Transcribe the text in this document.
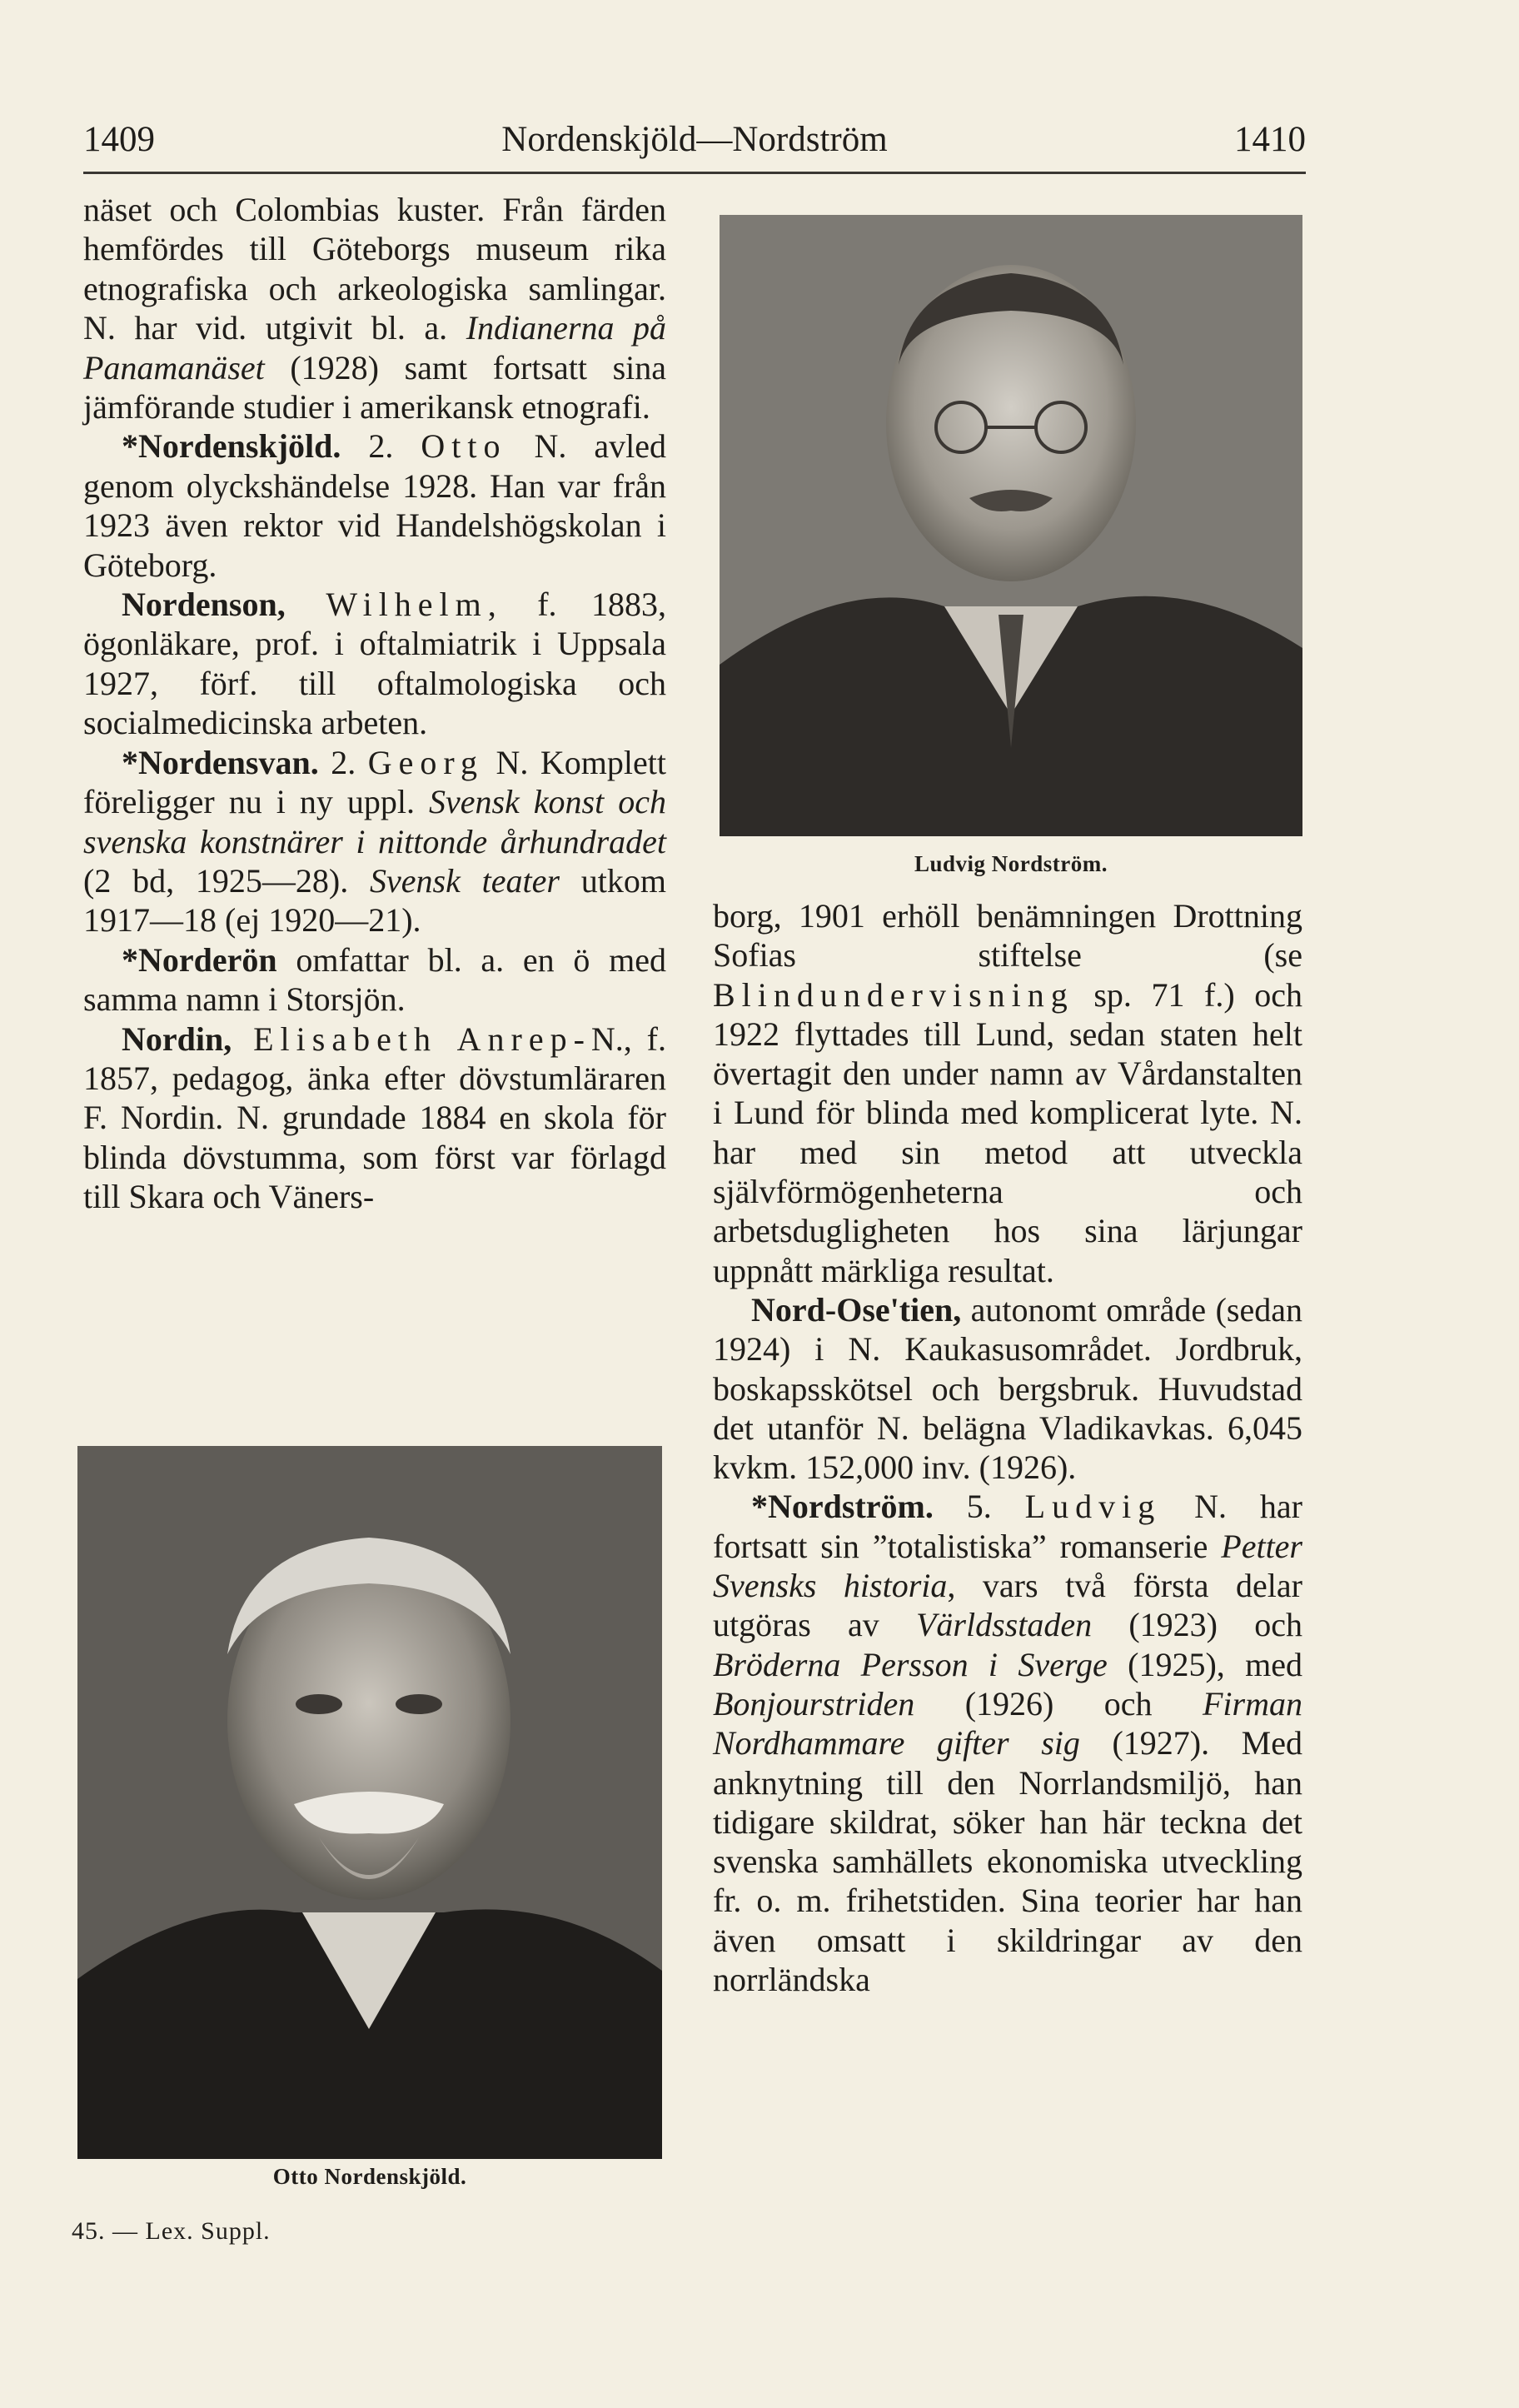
1409	Nordenskjöld—Nordström	1410

näset och Colombias kuster. Från färden hemfördes till Göteborgs museum rika etnografiska och arkeologiska samlingar. N. har vid. utgivit bl. a. Indianerna på Panamanäset (1928) samt fortsatt sina jämförande studier i amerikansk etnografi.

*Nordenskjöld. 2. Otto N. avled genom olyckshändelse 1928. Han var från 1923 även rektor vid Handelshögskolan i Göteborg.

Nordenson, Wilhelm, f. 1883, ögonläkare, prof. i oftalmiatrik i Uppsala 1927, förf. till oftalmologiska och socialmedicinska arbeten.

*Nordensvan. 2. Georg N. Komplett föreligger nu i ny uppl. Svensk konst och svenska konstnärer i nittonde århundradet (2 bd, 1925—28). Svensk teater utkom 1917—18 (ej 1920—21).

*Norderön omfattar bl. a. en ö med samma namn i Storsjön.

Nordin, Elisabeth Anrep-N., f. 1857, pedagog, änka efter dövstumläraren F. Nordin. N. grundade 1884 en skola för blinda dövstumma, som först var förlagd till Skara och Väners-

Ludvig Nordström.

borg, 1901 erhöll benämningen Drottning Sofias stiftelse (se Blindundervisning sp. 71 f.) och 1922 flyttades till Lund, sedan staten helt övertagit den under namn av Vårdanstalten i Lund för blinda med komplicerat lyte. N. har med sin metod att utveckla självförmögenheterna och arbetsdugligheten hos sina lärjungar uppnått märkliga resultat.

Nord-Ose'tien, autonomt område (sedan 1924) i N. Kaukasusområdet. Jordbruk, boskapsskötsel och bergsbruk. Huvudstad det utanför N. belägna Vladikavkas. 6,045 kvkm. 152,000 inv. (1926).

*Nordström. 5. Ludvig N. har fortsatt sin ”totalistiska” romanserie Petter Svensks historia, vars två första delar utgöras av Världsstaden (1923) och Bröderna Persson i Sverge (1925), med Bonjourstriden (1926) och Firman Nordhammare gifter sig (1927). Med anknytning till den Norrlandsmiljö, han tidigare skildrat, söker han här teckna det svenska samhällets ekonomiska utveckling fr. o. m. frihetstiden. Sina teorier har han även omsatt i skildringar av den norrländska

Otto Nordenskjöld.
45. — Lex. Suppl.
